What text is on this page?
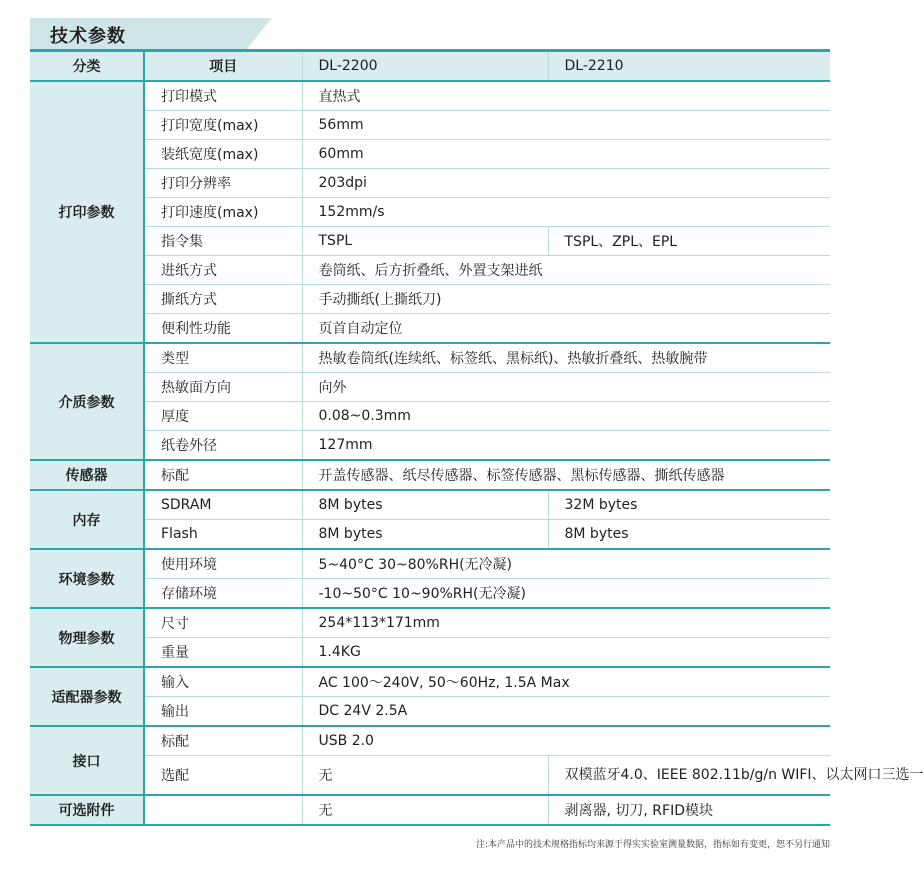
技术参数
分类	项目	DL-2200	DL-2210
打印参数	打印模式	直热式	
	打印宽度(max)	56mm	
	装纸宽度(max)	60mm	
	打印分辨率	203dpi	
	打印速度(max)	152mm/s	
	指令集	TSPL	TSPL、ZPL、EPL
	进纸方式	卷筒纸、后方折叠纸、外置支架进纸	
	撕纸方式	手动撕纸(上撕纸刀)	
	便利性功能	页首自动定位	
介质参数	类型	热敏卷筒纸(连续纸、标签纸、黑标纸)、热敏折叠纸、热敏腕带	
	热敏面方向	向外	
	厚度	0.08~0.3mm	
	纸卷外径	127mm	
传感器	标配	开盖传感器、纸尽传感器、标签传感器、黑标传感器、撕纸传感器	
内存	SDRAM	8M bytes	32M bytes
	Flash	8M bytes	8M bytes
环境参数	使用环境	5~40°C 30~80%RH(无冷凝)	
	存储环境	-10~50°C 10~90%RH(无冷凝)	
物理参数	尺寸	254*113*171mm	
	重量	1.4KG	
适配器参数	输入	AC 100～240V, 50～60Hz, 1.5A Max	
	输出	DC 24V 2.5A	
接口	标配	USB 2.0	
	选配	无	双模蓝牙4.0、IEEE 802.11b/g/n WIFI、以太网口三选一
可选附件		无	剥离器, 切刀, RFID模块
注:本产品中的技术规格指标均来源于得实实验室测量数据，指标如有变更，恕不另行通知
